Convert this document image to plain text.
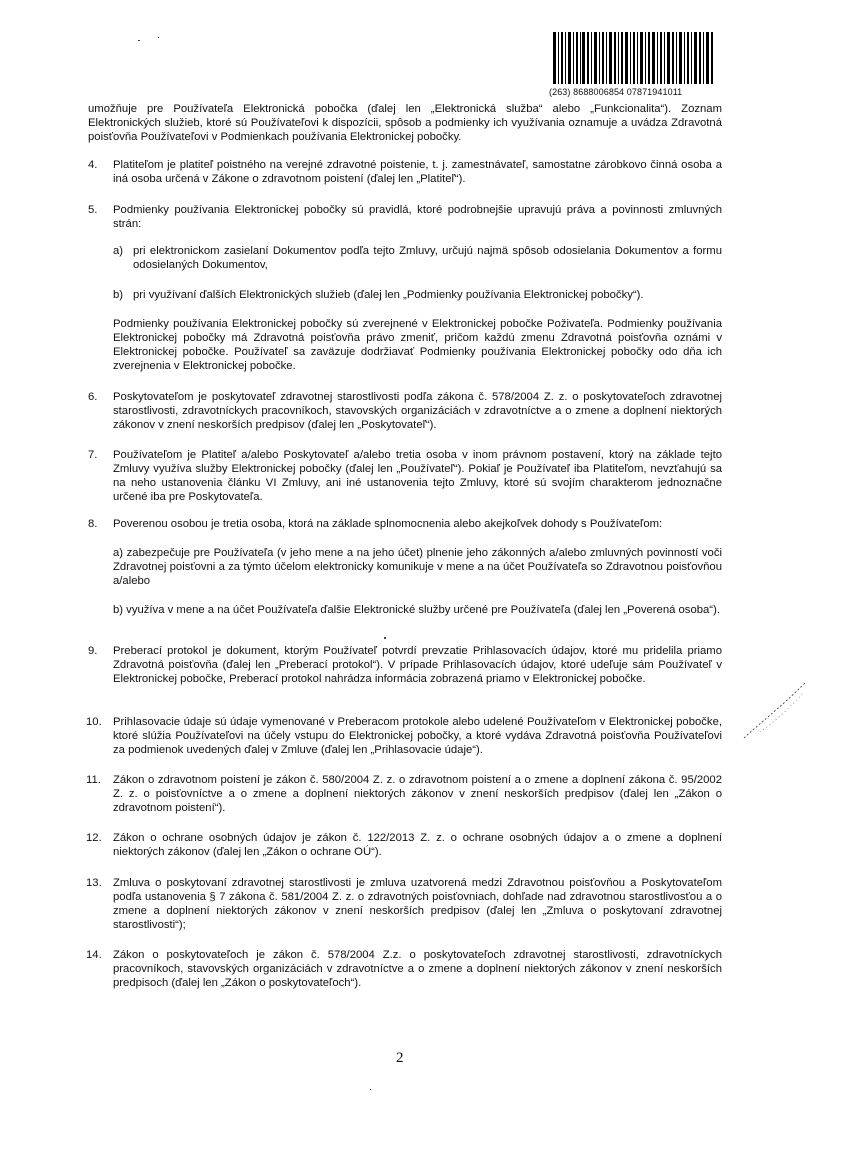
(263) 8688006854 07871941011
umožňuje pre Používateľa Elektronická pobočka (ďalej len „Elektronická služba“ alebo „Funkcionalita“). Zoznam Elektronických služieb, ktoré sú Používateľovi k dispozícii, spôsob a podmienky ich využívania oznamuje a uvádza Zdravotná poisťovňa Používateľovi v Podmienkach používania Elektronickej pobočky.
4. Platiteľom je platiteľ poistného na verejné zdravotné poistenie, t. j. zamestnávateľ, samostatne zárobkovo činná osoba a iná osoba určená v Zákone o zdravotnom poistení (ďalej len „Platiteľ“).
5. Podmienky používania Elektronickej pobočky sú pravidlá, ktoré podrobnejšie upravujú práva a povinnosti zmluvných strán:
a) pri elektronickom zasielaní Dokumentov podľa tejto Zmluvy, určujú najmä spôsob odosielania Dokumentov a formu odosielaných Dokumentov,
b) pri využívaní ďalších Elektronických služieb (ďalej len „Podmienky používania Elektronickej pobočky“).
Podmienky používania Elektronickej pobočky sú zverejnené v Elektronickej pobočke Poživateľa. Podmienky používania Elektronickej pobočky má Zdravotná poisťovňa právo zmeniť, pričom každú zmenu Zdravotná poisťovňa oznámi v Elektronickej pobočke. Používateľ sa zaväzuje dodržiavať Podmienky používania Elektronickej pobočky odo dňa ich zverejnenia v Elektronickej pobočke.
6. Poskytovateľom je poskytovateľ zdravotnej starostlivosti podľa zákona č. 578/2004 Z. z. o poskytovateľoch zdravotnej starostlivosti, zdravotníckych pracovníkoch, stavovských organizáciách v zdravotníctve a o zmene a doplnení niektorých zákonov v znení neskorších predpisov (ďalej len „Poskytovateľ“).
7. Používateľom je Platiteľ a/alebo Poskytovateľ a/alebo tretia osoba v inom právnom postavení, ktorý na základe tejto Zmluvy využíva služby Elektronickej pobočky (ďalej len „Používateľ“). Pokiaľ je Používateľ iba Platiteľom, nevzťahujú sa na neho ustanovenia článku VI Zmluvy, ani iné ustanovenia tejto Zmluvy, ktoré sú svojím charakterom jednoznačne určené iba pre Poskytovateľa.
8. Poverenou osobou je tretia osoba, ktorá na základe splnomocnenia alebo akejkoľvek dohody s Používateľom:
a) zabezpečuje pre Používateľa (v jeho mene a na jeho účet) plnenie jeho zákonných a/alebo zmluvných povinností voči Zdravotnej poisťovni a za týmto účelom elektronicky komunikuje v mene a na účet Používateľa so Zdravotnou poisťovňou a/alebo
b) využíva v mene a na účet Používateľa ďalšie Elektronické služby určené pre Používateľa (ďalej len „Poverená osoba“).
9. Preberací protokol je dokument, ktorým Používateľ potvrdí prevzatie Prihlasovacích údajov, ktoré mu pridelila priamo Zdravotná poisťovňa (ďalej len „Preberací protokol“). V prípade Prihlasovacích údajov, ktoré udeľuje sám Používateľ v Elektronickej pobočke, Preberací protokol nahrádza informácia zobrazená priamo v Elektronickej pobočke.
10. Prihlasovacie údaje sú údaje vymenované v Preberacom protokole alebo udelené Používateľom v Elektronickej pobočke, ktoré slúžia Používateľovi na účely vstupu do Elektronickej pobočky, a ktoré vydáva Zdravotná poisťovňa Používateľovi za podmienok uvedených ďalej v Zmluve (ďalej len „Prihlasovacie údaje“).
11. Zákon o zdravotnom poistení je zákon č. 580/2004 Z. z. o zdravotnom poistení a o zmene a doplnení zákona č. 95/2002 Z. z. o poisťovníctve a o zmene a doplnení niektorých zákonov v znení neskorších predpisov (ďalej len „Zákon o zdravotnom poistení“).
12. Zákon o ochrane osobných údajov je zákon č. 122/2013 Z. z. o ochrane osobných údajov a o zmene a doplnení niektorých zákonov (ďalej len „Zákon o ochrane OÚ“).
13. Zmluva o poskytovaní zdravotnej starostlivosti je zmluva uzatvorená medzi Zdravotnou poisťovňou a Poskytovateľom podľa ustanovenia § 7 zákona č. 581/2004 Z. z. o zdravotných poisťovniach, dohľade nad zdravotnou starostlivosťou a o zmene a doplnení niektorých zákonov v znení neskorších predpisov (ďalej len „Zmluva o poskytovaní zdravotnej starostlivosti“);
14. Zákon o poskytovateľoch je zákon č. 578/2004 Z.z. o poskytovateľoch zdravotnej starostlivosti, zdravotníckych pracovníkoch, stavovských organizáciách v zdravotníctve a o zmene a doplnení niektorých zákonov v znení neskorších predpisoch (ďalej len „Zákon o poskytovateľoch“).
2
